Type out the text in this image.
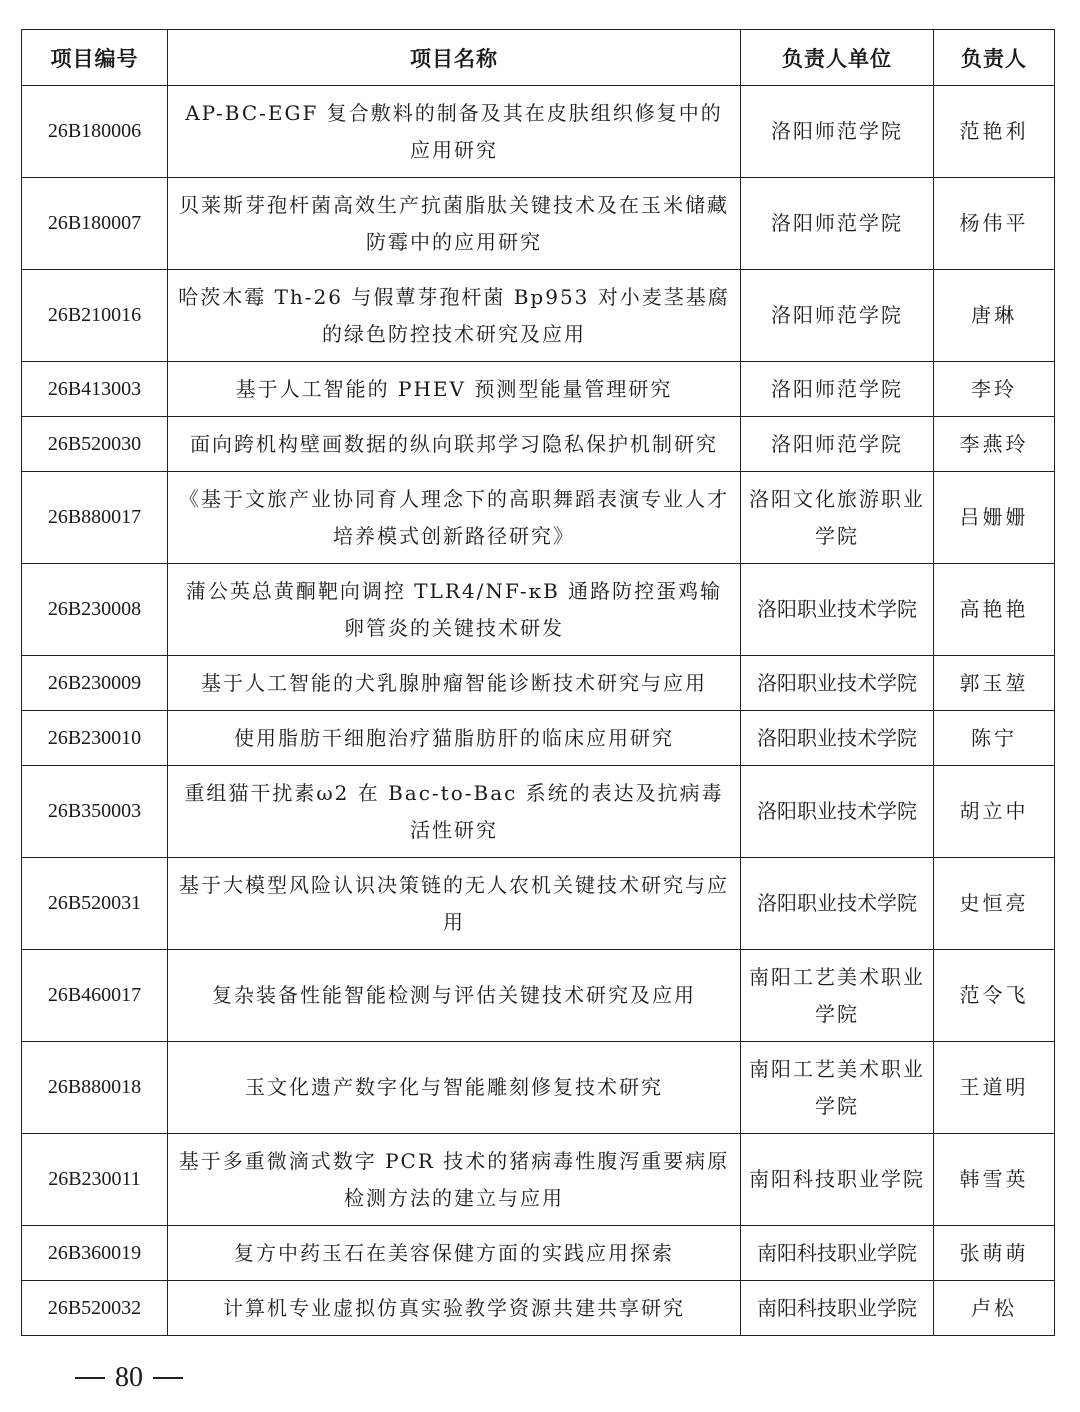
项目编号	项目名称	负责人单位	负责人
26B180006	AP-BC-EGF 复合敷料的制备及其在皮肤组织修复中的应用研究	洛阳师范学院	范艳利
26B180007	贝莱斯芽孢杆菌高效生产抗菌脂肽关键技术及在玉米储藏防霉中的应用研究	洛阳师范学院	杨伟平
26B210016	哈茨木霉 Th-26 与假蕈芽孢杆菌 Bp953 对小麦茎基腐的绿色防控技术研究及应用	洛阳师范学院	唐琳
26B413003	基于人工智能的 PHEV 预测型能量管理研究	洛阳师范学院	李玲
26B520030	面向跨机构壁画数据的纵向联邦学习隐私保护机制研究	洛阳师范学院	李燕玲
26B880017	《基于文旅产业协同育人理念下的高职舞蹈表演专业人才培养模式创新路径研究》	洛阳文化旅游职业学院	吕姗姗
26B230008	蒲公英总黄酮靶向调控 TLR4/NF-κB 通路防控蛋鸡输卵管炎的关键技术研发	洛阳职业技术学院	高艳艳
26B230009	基于人工智能的犬乳腺肿瘤智能诊断技术研究与应用	洛阳职业技术学院	郭玉堃
26B230010	使用脂肪干细胞治疗猫脂肪肝的临床应用研究	洛阳职业技术学院	陈宁
26B350003	重组猫干扰素ω2 在 Bac-to-Bac 系统的表达及抗病毒活性研究	洛阳职业技术学院	胡立中
26B520031	基于大模型风险认识决策链的无人农机关键技术研究与应用	洛阳职业技术学院	史恒亮
26B460017	复杂装备性能智能检测与评估关键技术研究及应用	南阳工艺美术职业学院	范令飞
26B880018	玉文化遗产数字化与智能雕刻修复技术研究	南阳工艺美术职业学院	王道明
26B230011	基于多重微滴式数字 PCR 技术的猪病毒性腹泻重要病原检测方法的建立与应用	南阳科技职业学院	韩雪英
26B360019	复方中药玉石在美容保健方面的实践应用探索	南阳科技职业学院	张萌萌
26B520032	计算机专业虚拟仿真实验教学资源共建共享研究	南阳科技职业学院	卢松
80
